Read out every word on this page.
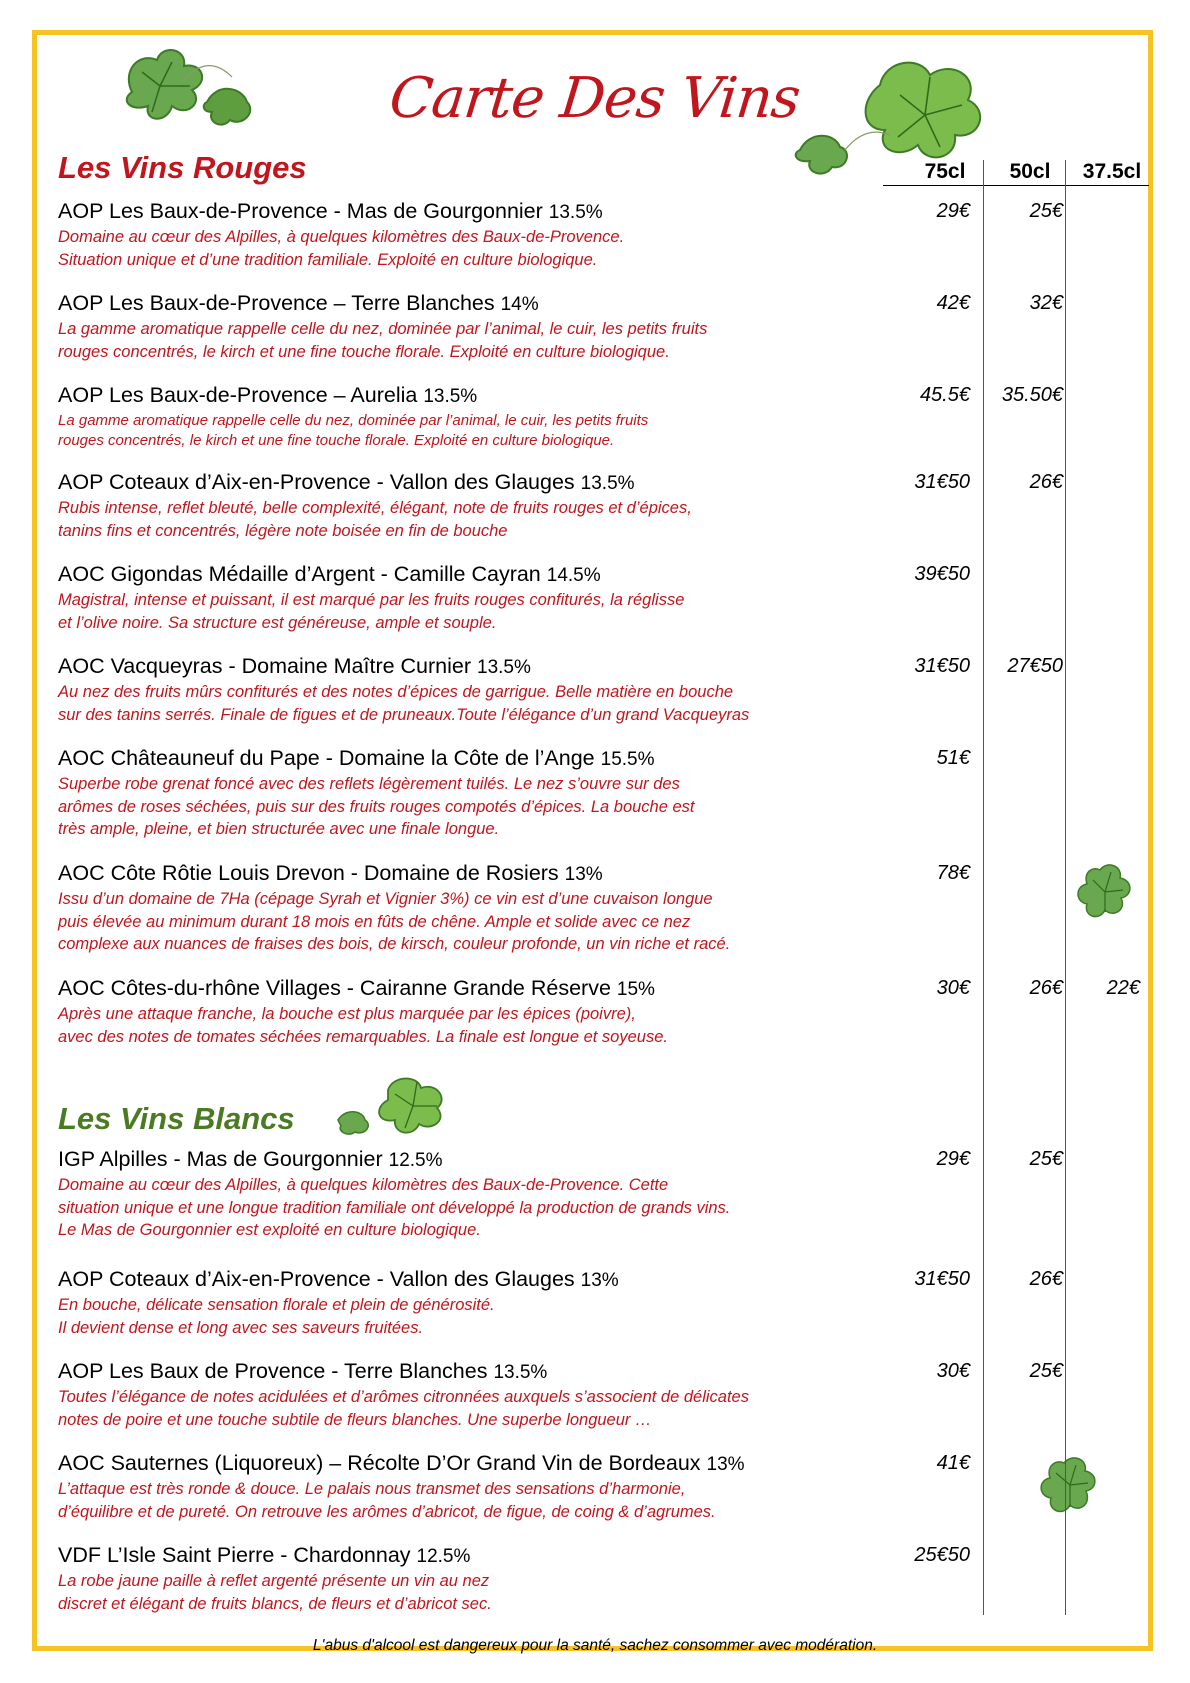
Carte Des Vins
Les Vins Rouges
Les Vins Blancs
75cl	50cl	37.5cl
AOP Les Baux-de-Provence - Mas de Gourgonnier 13.5%
Domaine au cœur des Alpilles, à quelques kilomètres des Baux-de-Provence.
Situation unique et d’une tradition familiale. Exploité en culture biologique.
29€	25€
AOP Les Baux-de-Provence – Terre Blanches 14%
La gamme aromatique rappelle celle du nez, dominée par l’animal, le cuir, les petits fruits
rouges concentrés, le kirch et une fine touche florale. Exploité en culture biologique.
42€	32€
AOP Les Baux-de-Provence – Aurelia 13.5%
La gamme aromatique rappelle celle du nez, dominée par l’animal, le cuir, les petits fruits
rouges concentrés, le kirch et une fine touche florale. Exploité en culture biologique.
45.5€ 35.50€
AOP Coteaux d’Aix-en-Provence - Vallon des Glauges 13.5%
Rubis intense, reflet bleuté, belle complexité, élégant, note de fruits rouges et d’épices,
tanins fins et concentrés, légère note boisée en fin de bouche
31€50	26€
AOC Gigondas Médaille d’Argent - Camille Cayran 14.5%
Magistral, intense et puissant, il est marqué par les fruits rouges confiturés, la réglisse
et l’olive noire. Sa structure est généreuse, ample et souple.
39€50
AOC Vacqueyras - Domaine Maître Curnier 13.5%
Au nez des fruits mûrs confiturés et des notes d’épices de garrigue. Belle matière en bouche
sur des tanins serrés. Finale de figues et de pruneaux.Toute l’élégance d’un grand Vacqueyras
31€50 27€50
AOC Châteauneuf du Pape - Domaine la Côte de l’Ange 15.5%
Superbe robe grenat foncé avec des reflets légèrement tuilés. Le nez s’ouvre sur des
arômes de roses séchées, puis sur des fruits rouges compotés d’épices. La bouche est
très ample, pleine, et bien structurée avec une finale longue.
51€
AOC Côte Rôtie Louis Drevon - Domaine de Rosiers 13%
Issu d’un domaine de 7Ha (cépage Syrah et Vignier 3%) ce vin est d’une cuvaison longue
puis élevée au minimum durant 18 mois en fûts de chêne. Ample et solide avec ce nez
complexe aux nuances de fraises des bois, de kirsch, couleur profonde, un vin riche et racé.
78€
AOC Côtes-du-rhône Villages - Cairanne Grande Réserve 15%
Après une attaque franche, la bouche est plus marquée par les épices (poivre),
avec des notes de tomates séchées remarquables. La finale est longue et soyeuse.
30€	26€ 22€
IGP Alpilles - Mas de Gourgonnier 12.5%
Domaine au cœur des Alpilles, à quelques kilomètres des Baux-de-Provence. Cette
situation unique et une longue tradition familiale ont développé la production de grands vins.
Le Mas de Gourgonnier est exploité en culture biologique.
29€	25€
AOP Coteaux d’Aix-en-Provence - Vallon des Glauges 13%
En bouche, délicate sensation florale et plein de générosité.
Il devient dense et long avec ses saveurs fruitées.
31€50	26€
AOP Les Baux de Provence - Terre Blanches 13.5%
Toutes l’élégance de notes acidulées et d’arômes citronnées auxquels s’associent de délicates
notes de poire et une touche subtile de fleurs blanches. Une superbe longueur …
30€	25€
AOC Sauternes (Liquoreux) – Récolte D’Or Grand Vin de Bordeaux 13%
L’attaque est très ronde & douce. Le palais nous transmet des sensations d’harmonie,
d’équilibre et de pureté. On retrouve les arômes d’abricot, de figue, de coing & d’agrumes.
41€
VDF L’Isle Saint Pierre - Chardonnay 12.5%
La robe jaune paille à reflet argenté présente un vin au nez
discret et élégant de fruits blancs, de fleurs et d’abricot sec.
25€50
L'abus d'alcool est dangereux pour la santé, sachez consommer avec modération.
